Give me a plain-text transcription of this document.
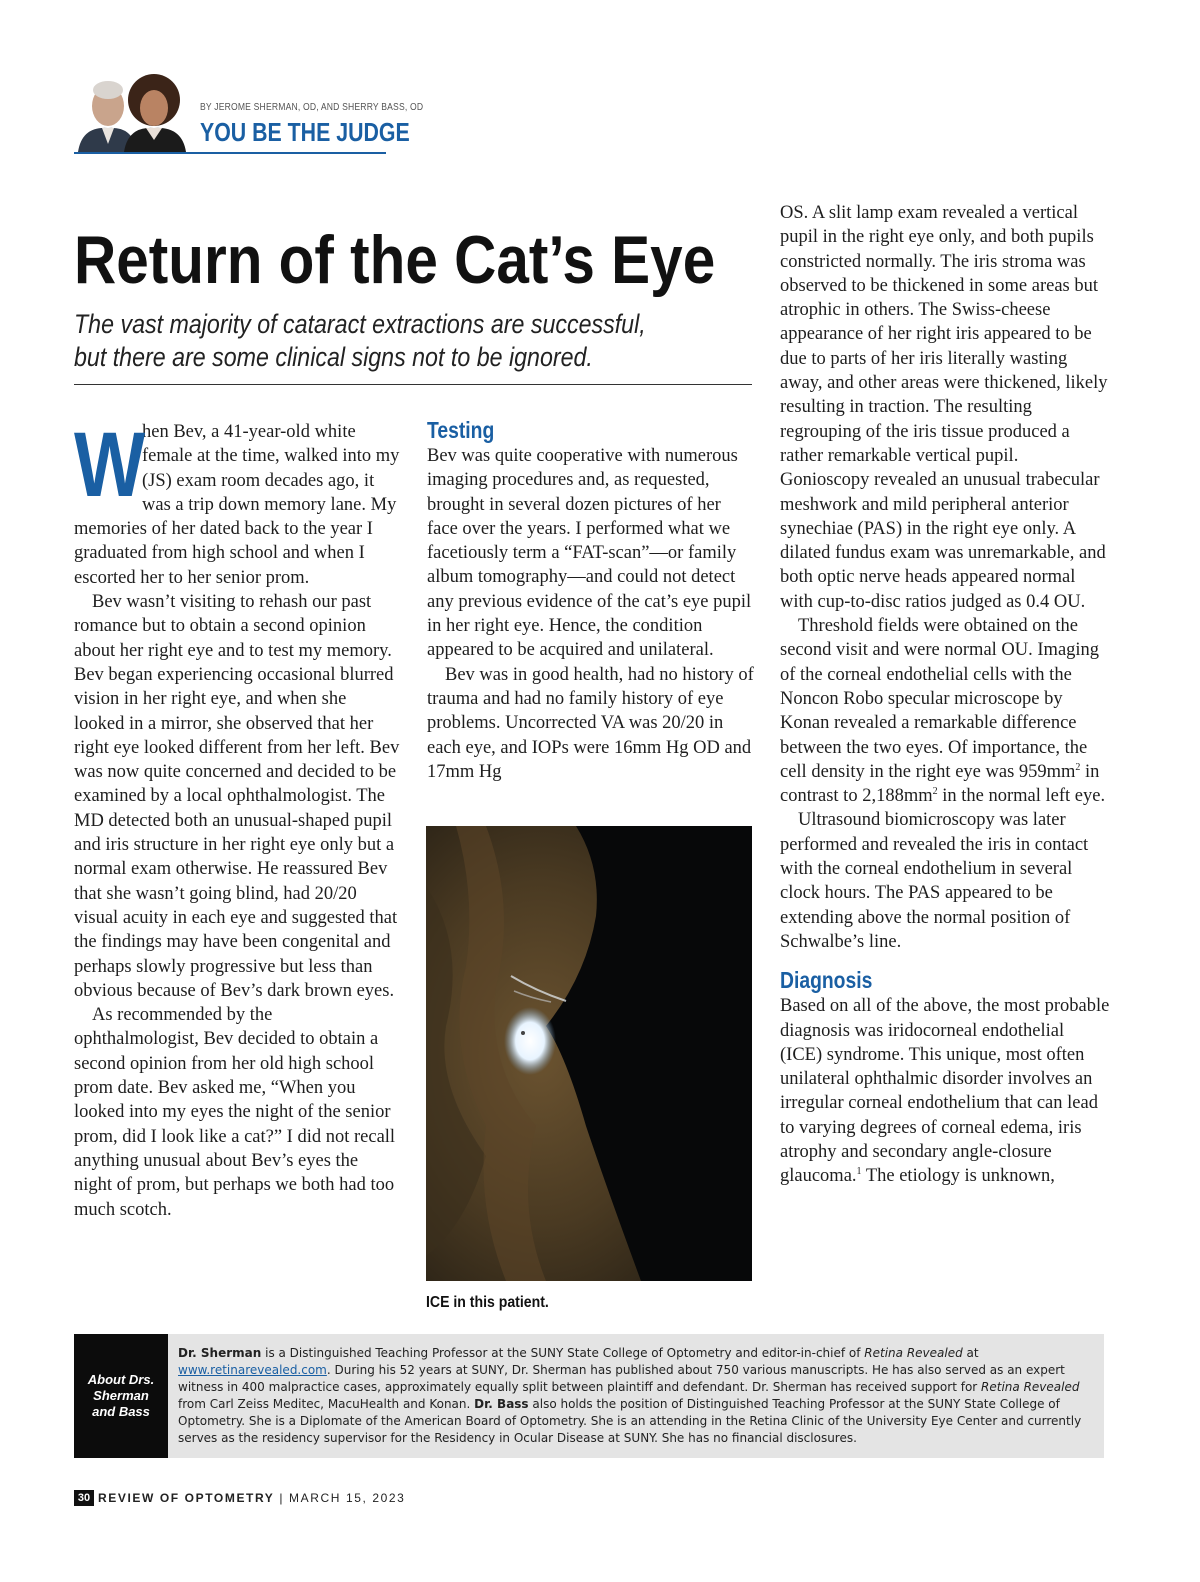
BY JEROME SHERMAN, OD, AND SHERRY BASS, OD
YOU BE THE JUDGE
Return of the Cat’s Eye
The vast majority of cataract extractions are successful,
but there are some clinical signs not to be ignored.
W

hen Bev, a 41-year-old white female at the time, walked into my (JS) exam room decades ago, it was a trip down memory lane. My memories of her dated back to the year I graduated from high school and when I escorted her to her senior prom.

Bev wasn’t visiting to rehash our past romance but to obtain a second opinion about her right eye and to test my memory. Bev began experiencing occasional blurred vision in her right eye, and when she looked in a mirror, she observed that her right eye looked different from her left. Bev was now quite concerned and decided to be examined by a local ophthalmologist. The MD detected both an unusual-shaped pupil and iris structure in her right eye only but a normal exam otherwise. He reassured Bev that she wasn’t going blind, had 20/20 visual acuity in each eye and suggested that the findings may have been congenital and perhaps slowly progressive but less than obvious because of Bev’s dark brown eyes.

As recommended by the ophthalmologist, Bev decided to obtain a second opinion from her old high school prom date. Bev asked me, “When you looked into my eyes the night of the senior prom, did I look like a cat?” I did not recall anything unusual about Bev’s eyes the night of prom, but perhaps we both had too much scotch.

Testing

Bev was quite cooperative with numerous imaging procedures and, as requested, brought in several dozen pictures of her face over the years. I performed what we facetiously term a “FAT-scan”—or family album tomography—and could not detect any previous evidence of the cat’s eye pupil in her right eye. Hence, the condition appeared to be acquired and unilateral.

Bev was in good health, had no history of trauma and had no family history of eye problems. Uncorrected VA was 20/20 in each eye, and IOPs were 16mm Hg OD and 17mm Hg

ICE in this patient.

OS. A slit lamp exam revealed a vertical pupil in the right eye only, and both pupils constricted normally. The iris stroma was observed to be thickened in some areas but atrophic in others. The Swiss-cheese appearance of her right iris appeared to be due to parts of her iris literally wasting away, and other areas were thickened, likely resulting in traction. The resulting regrouping of the iris tissue produced a rather remarkable vertical pupil. Gonioscopy revealed an unusual trabecular meshwork and mild peripheral anterior synechiae (PAS) in the right eye only. A dilated fundus exam was unremarkable, and both optic nerve heads appeared normal with cup-to-disc ratios judged as 0.4 OU.

Threshold fields were obtained on the second visit and were normal OU. Imaging of the corneal endothelial cells with the Noncon Robo specular microscope by Konan revealed a remarkable difference between the two eyes. Of importance, the cell density in the right eye was $959mm^2$ in contrast to $2,188mm^2$ in the normal left eye.

Ultrasound biomicroscopy was later performed and revealed the iris in contact with the corneal endothelium in several clock hours. The PAS appeared to be extending above the normal position of Schwalbe’s line.

Diagnosis

Based on all of the above, the most probable diagnosis was iridocorneal endothelial (ICE) syndrome. This unique, most often unilateral ophthalmic disorder involves an irregular corneal endothelium that can lead to varying degrees of corneal edema, iris atrophy and secondary angle-closure glaucoma.$^1$ The etiology is unknown,

About Drs. Sherman and Bass
Dr. Sherman is a Distinguished Teaching Professor at the SUNY State College of Optometry and editor-in-chief of Retina Revealed at www.retinarevealed.com. During his 52 years at SUNY, Dr. Sherman has published about 750 various manuscripts. He has also served as an expert witness in 400 malpractice cases, approximately equally split between plaintiff and defendant. Dr. Sherman has received support for Retina Revealed from Carl Zeiss Meditec, MacuHealth and Konan. Dr. Bass also holds the position of Distinguished Teaching Professor at the SUNY State College of Optometry. She is a Diplomate of the American Board of Optometry. She is an attending in the Retina Clinic of the University Eye Center and currently serves as the residency supervisor for the Residency in Ocular Disease at SUNY. She has no financial disclosures.
30 REVIEW OF OPTOMETRY | MARCH 15, 2023
